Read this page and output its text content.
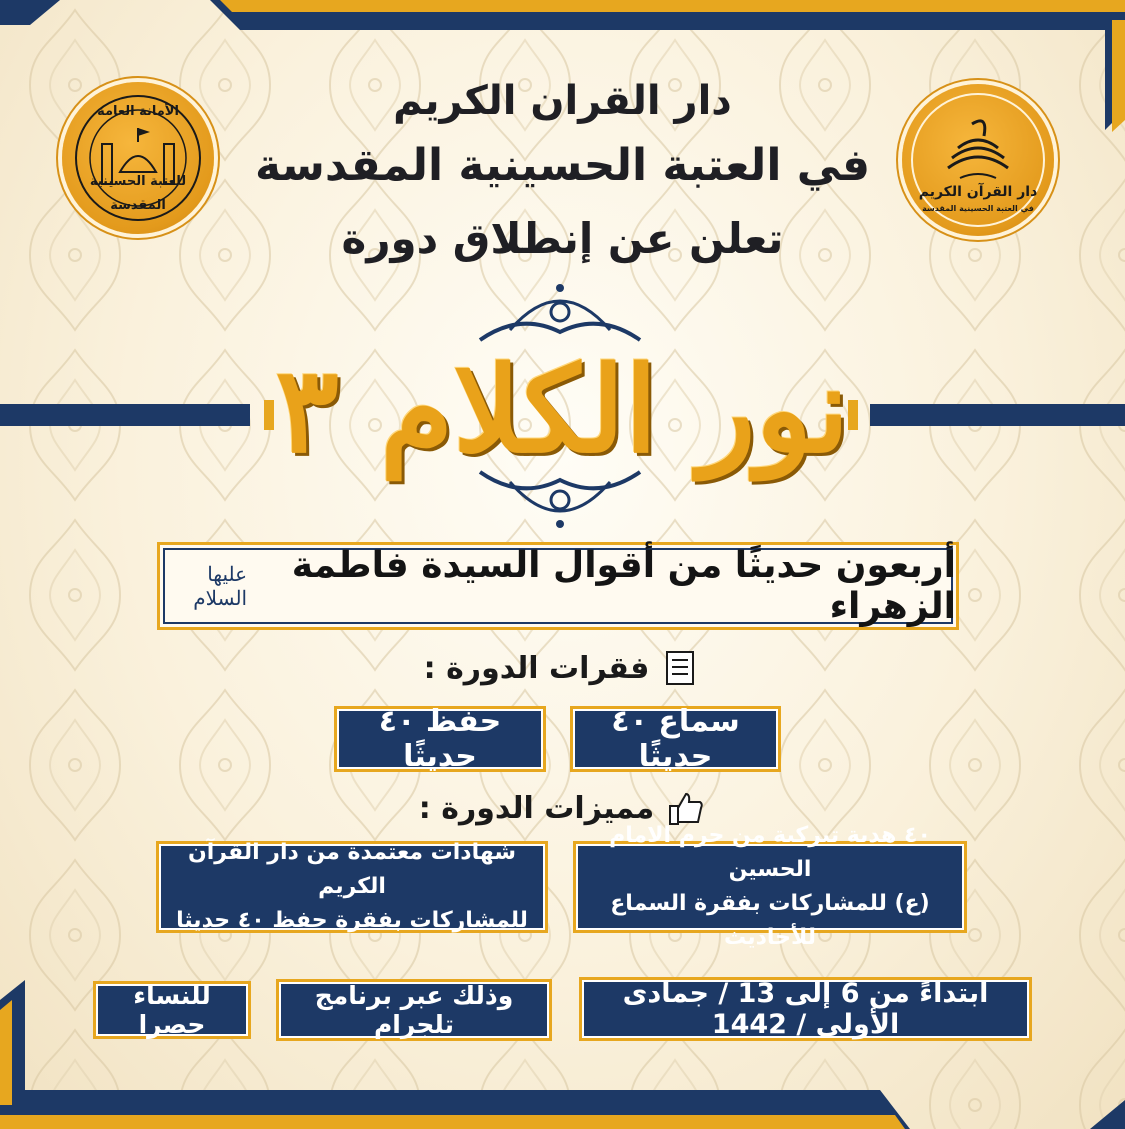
الأمانة العامة
للعتبة الحسينية
المقدسة
دار القرآن الكريم
في العتبة الحسينية المقدسة
دار القران الكريم
في العتبة الحسينية المقدسة
تعلن عن إنطلاق دورة
نور الكلام ٣
أربعون حديثًا من أقوال السيدة فاطمة الزهراء
عليها السلام
فقرات الدورة :
سماع ٤٠ حديثًا
حفظ ٤٠ حديثًا
مميزات الدورة :
٤٠ هدية تبركية من حرم الامام الحسين
(ع) للمشاركات بفقرة السماع للأحاديث
شهادات معتمدة من دار القرآن الكريم
للمشاركات بفقرة حفظ ٤٠ حديثا
ابتداءً من 6 إلى 13 / جمادى الأولى / 1442
وذلك عبر برنامج تلجرام
للنساء حصرا
